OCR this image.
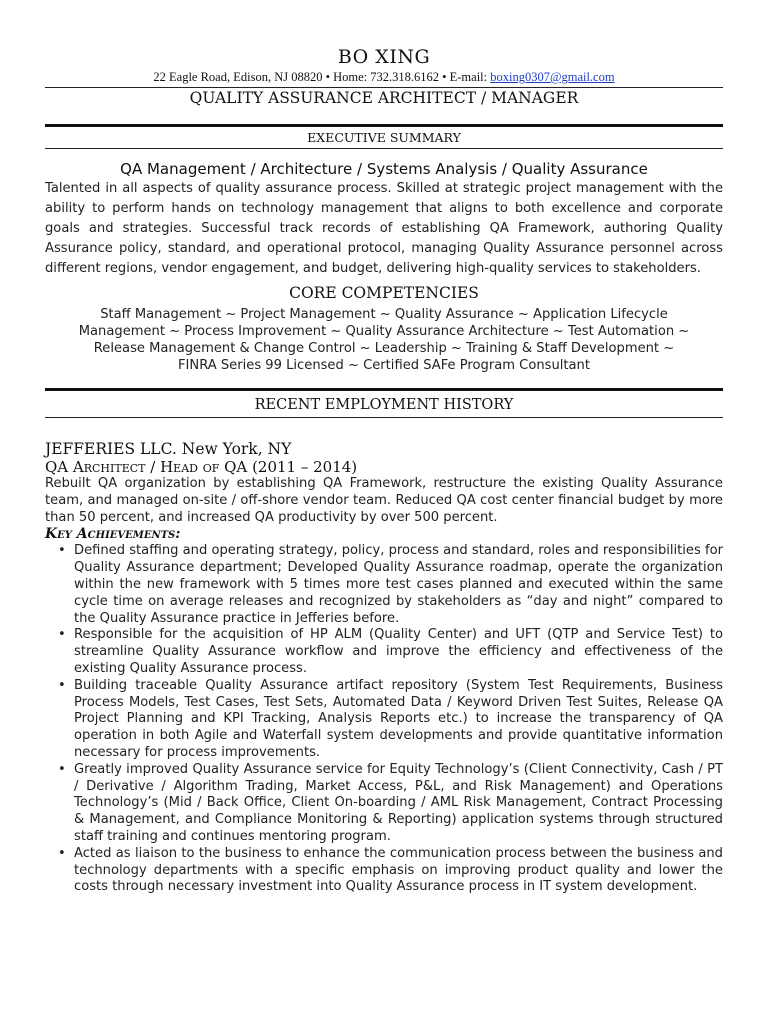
BO XING
22 Eagle Road, Edison, NJ 08820 • Home: 732.318.6162 • E-mail: boxing0307@gmail.com
QUALITY ASSURANCE ARCHITECT / MANAGER
EXECUTIVE SUMMARY
QA Management / Architecture / Systems Analysis / Quality Assurance
Talented in all aspects of quality assurance process. Skilled at strategic project management with the ability to perform hands on technology management that aligns to both excellence and corporate goals and strategies. Successful track records of establishing QA Framework, authoring Quality Assurance policy, standard, and operational protocol, managing Quality Assurance personnel across different regions, vendor engagement, and budget, delivering high-quality services to stakeholders.
CORE COMPETENCIES
Staff Management ~ Project Management ~ Quality Assurance ~ Application Lifecycle
Management ~ Process Improvement ~ Quality Assurance Architecture ~ Test Automation ~
Release Management & Change Control ~ Leadership ~ Training & Staff Development ~
FINRA Series 99 Licensed ~ Certified SAFe Program Consultant
RECENT EMPLOYMENT HISTORY
JEFFERIES LLC. New York, NY
QA Architect / Head of QA (2011 – 2014)
Rebuilt QA organization by establishing QA Framework, restructure the existing Quality Assurance team, and managed on-site / off-shore vendor team. Reduced QA cost center financial budget by more than 50 percent, and increased QA productivity by over 500 percent.
Key Achievements:
• Defined staffing and operating strategy, policy, process and standard, roles and responsibilities for Quality Assurance department; Developed Quality Assurance roadmap, operate the organization within the new framework with 5 times more test cases planned and executed within the same cycle time on average releases and recognized by stakeholders as “day and night” compared to the Quality Assurance practice in Jefferies before.
• Responsible for the acquisition of HP ALM (Quality Center) and UFT (QTP and Service Test) to streamline Quality Assurance workflow and improve the efficiency and effectiveness of the existing Quality Assurance process.
• Building traceable Quality Assurance artifact repository (System Test Requirements, Business Process Models, Test Cases, Test Sets, Automated Data / Keyword Driven Test Suites, Release QA Project Planning and KPI Tracking, Analysis Reports etc.) to increase the transparency of QA operation in both Agile and Waterfall system developments and provide quantitative information necessary for process improvements.
• Greatly improved Quality Assurance service for Equity Technology’s (Client Connectivity, Cash / PT / Derivative / Algorithm Trading, Market Access, P&L, and Risk Management) and Operations Technology’s (Mid / Back Office, Client On-boarding / AML Risk Management, Contract Processing & Management, and Compliance Monitoring & Reporting) application systems through structured staff training and continues mentoring program.
• Acted as liaison to the business to enhance the communication process between the business and technology departments with a specific emphasis on improving product quality and lower the costs through necessary investment into Quality Assurance process in IT system development.
